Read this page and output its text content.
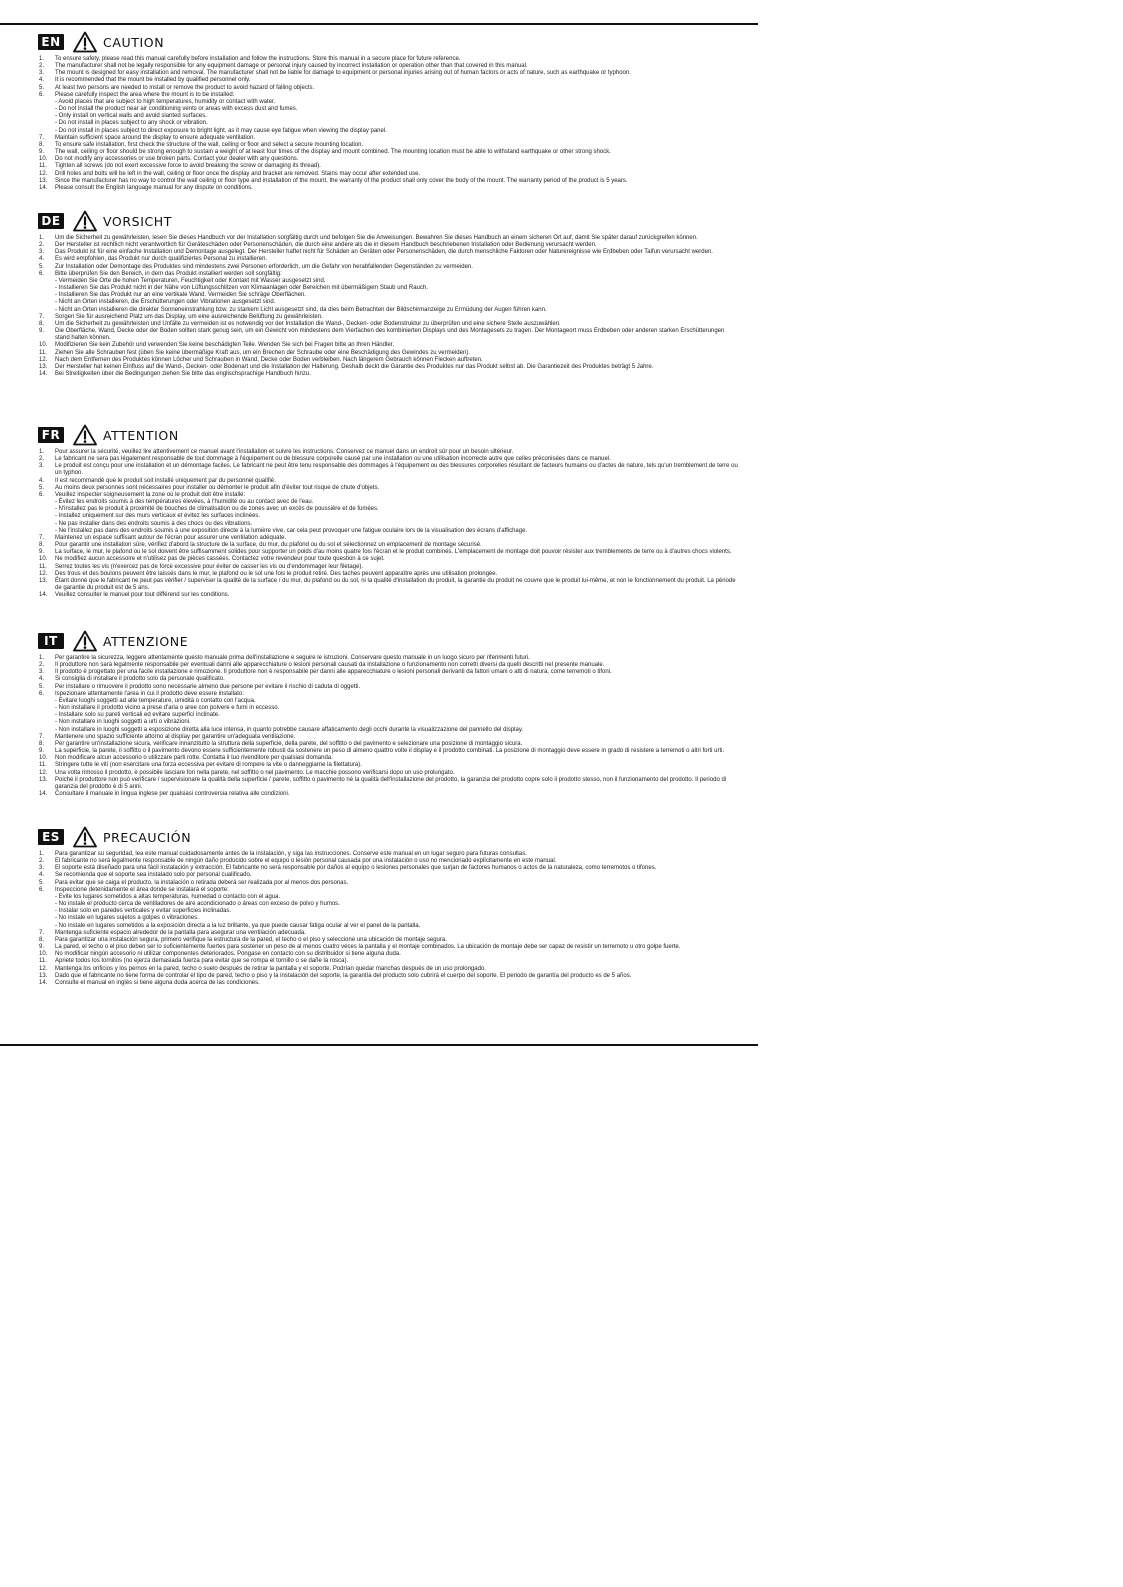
EN	CAUTION
1.	To ensure safety, please read this manual carefully before installation and follow the instructions. Store this manual in a secure place for future reference.
2.	The manufacturer shall not be legally responsible for any equipment damage or personal injury caused by incorrect installation or operation other than that covered in this manual.
3.	The mount is designed for easy installation and removal. The manufacturer shall not be liable for damage to equipment or personal injuries arising out of human factors or acts of nature, such as earthquake or typhoon.
4.	It is recommended that the mount be installed by qualified personnel only.
5.	At least two persons are needed to install or remove the product to avoid hazard of falling objects.
6.	Please carefully inspect the area where the mount is to be installed:
- Avoid places that are subject to high temperatures, humidity or contact with water.
- Do not install the product near air conditioning vents or areas with excess dust and fumes.
- Only install on vertical walls and avoid slanted surfaces.
- Do not install in places subject to any shock or vibration.
- Do not install in places subject to direct exposure to bright light, as it may cause eye fatigue when viewing the display panel.
7.	Maintain sufficient space around the display to ensure adequate ventilation.
8.	To ensure safe installation, first check the structure of the wall, ceiling or floor and select a secure mounting location.
9.	The wall, ceiling or floor should be strong enough to sustain a weight of at least four times of the display and mount combined. The mounting location must be able to withstand earthquake or other strong shock.
10.	Do not modify any accessories or use broken parts. Contact your dealer with any questions.
11.	Tighten all screws (do not exert excessive force to avoid breaking the screw or damaging its thread).
12.	Drill holes and bolts will be left in the wall, ceiling or floor once the display and bracket are removed. Stains may occur after extended use.
13.	Since the manufacturer has no way to control the wall ceiling or floor type and installation of the mount, the warranty of the product shall only cover the body of the mount. The warranty period of the product is 5 years.
14.	Please consult the English language manual for any dispute on conditions.
DE	VORSICHT
1.	Um die Sicherheit zu gewährleisten, lesen Sie dieses Handbuch vor der Installation sorgfältig durch und befolgen Sie die Anweisungen. Bewahren Sie dieses Handbuch an einem sicheren Ort auf, damit Sie später darauf zurückgreifen können.
2.	Der Hersteller ist rechtlich nicht verantwortlich für Geräteschäden oder Personenschäden, die durch eine andere als die in diesem Handbuch beschriebenen Installation oder Bedienung verursacht werden.
3.	Das Produkt ist für eine einfache Installation und Demontage ausgelegt. Der Hersteller haftet nicht für Schäden an Geräten oder Personenschäden, die durch menschliche Faktoren oder Naturereignisse wie Erdbeben oder Taifun verursacht werden.
4.	Es wird empfohlen, das Produkt nur durch qualifiziertes Personal zu installieren.
5.	Zur Installation oder Demontage des Produktes sind mindestens zwei Personen erforderlich, um die Gefahr von herabfallenden Gegenständen zu vermeiden.
6.	Bitte überprüfen Sie den Bereich, in dem das Produkt installiert werden soll sorgfältig:
- Vermeiden Sie Orte die hohen Temperaturen, Feuchtigkeit oder Kontakt mit Wasser ausgesetzt sind.
- Installieren Sie das Produkt nicht in der Nähe von Lüftungsschlitzen von Klimaanlagen oder Bereichen mit übermäßigem Staub und Rauch.
- Installieren Sie das Produkt nur an eine vertikale Wand. Vermeiden Sie schräge Oberflächen.
- Nicht an Orten installieren, die Erschütterungen oder Vibrationen ausgesetzt sind.
- Nicht an Orten installieren die direkter Sonneneinstrahlung bzw. zu starkem Licht ausgesetzt sind, da dies beim Betrachten der Bildschirmanzeige zu Ermüdung der Augen führen kann.
7.	Sorgen Sie für ausreichend Platz um das Display, um eine ausreichende Belüftung zu gewährleisten.
8.	Um die Sicherheit zu gewährleisten und Unfälle zu vermeiden ist es notwendig vor der Installation die Wand-, Decken- oder Bodenstruktur zu überprüfen und eine sichere Stelle auszuwählen.
9.	Die Oberfläche, Wand, Decke oder der Boden sollten stark genug sein, um ein Gewicht von mindestens dem Vierfachen des kombinierten Displays und des Montagesets zu tragen. Der Montageort muss Erdbeben oder anderen starken Erschütterungen stand halten können.
10.	Modifizieren Sie kein Zubehör und verwenden Sie keine beschädigten Teile. Wenden Sie sich bei Fragen bitte an Ihren Händler.
11.	Ziehen Sie alle Schrauben fest (üben Sie keine übermäßige Kraft aus, um ein Brechen der Schraube oder eine Beschädigung des Gewindes zu vermeiden).
12.	Nach dem Entfernen des Produktes können Löcher und Schrauben in Wand, Decke oder Boden verbleiben. Nach längerem Gebrauch können Flecken auftreten.
13.	Der Hersteller hat keinen Einfluss auf die Wand-, Decken- oder Bodenart und die Installation der Halterung. Deshalb deckt die Garantie des Produktes nur das Produkt selbst ab. Die Garantiezeit des Produktes beträgt 5 Jahre.
14.	Bei Streitigkeiten über die Bedingungen ziehen Sie bitte das englischsprachige Handbuch hinzu.
FR	ATTENTION
1.	Pour assurer la sécurité, veuillez lire attentivement ce manuel avant l'installation et suivre les instructions. Conservez ce manuel dans un endroit sûr pour un besoin ultérieur.
2.	Le fabricant ne sera pas légalement responsable de tout dommage à l'équipement ou de blessure corporelle causé par une installation ou une utilisation incorrecte autre que celles préconisées dans ce manuel.
3.	Le produit est conçu pour une installation et un démontage faciles. Le fabricant ne peut être tenu responsable des dommages à l'équipement ou des blessures corporelles résultant de facteurs humains ou d'actes de nature, tels qu'un tremblement de terre ou un typhon.
4.	Il est recommandé que le produit soit installé uniquement par du personnel qualifié.
5.	Au moins deux personnes sont nécessaires pour installer ou démonter le produit afin d'éviter tout risque de chute d'objets.
6.	Veuillez inspecter soigneusement la zone où le produit doit être installé:
- Évitez les endroits soumis à des températures élevées, à l'humidité ou au contact avec de l'eau.
- N'installez pas le produit à proximité de bouches de climatisation ou de zones avec un excès de poussière et de fumées.
- Installez uniquement sur des murs verticaux et évitez les surfaces inclinées.
- Ne pas installer dans des endroits soumis à des chocs ou des vibrations.
- Ne l'installez pas dans des endroits soumis à une exposition directe à la lumière vive, car cela peut provoquer une fatigue oculaire lors de la visualisation des écrans d'affichage.
7.	Maintenez un espace suffisant autour de l'écran pour assurer une ventilation adéquate.
8.	Pour garantir une installation sûre, vérifiez d'abord la structure de la surface, du mur, du plafond ou du sol et sélectionnez un emplacement de montage sécurisé.
9.	La surface, le mur, le plafond ou le sol doivent être suffisamment solides pour supporter un poids d'au moins quatre fois l'écran et le produit combinés. L'emplacement de montage doit pouvoir résister aux tremblements de terre ou à d'autres chocs violents.
10.	Ne modifiez aucun accessoire et n'utilisez pas de pièces cassées. Contactez votre revendeur pour toute question à ce sujet.
11.	Serrez toutes les vis (n'exercez pas de force excessive pour éviter de casser les vis ou d'endommager leur filetage).
12.	Des trous et des boulons peuvent être laissés dans le mur, le plafond ou le sol une fois le produit retiré. Des taches peuvent apparaître après une utilisation prolongée.
13.	Étant donné que le fabricant ne peut pas vérifier / superviser la qualité de la surface / du mur, du plafond ou du sol, ni la qualité d'installation du produit, la garantie du produit ne couvre que le produit lui-même, et non le fonctionnement du produit. La période de garantie du produit est de 5 ans.
14.	Veuillez consulter le manuel pour tout différend sur les conditions.
IT	ATTENZIONE
1.	Per garantire la sicurezza, leggere attentamente questo manuale prima dell'installazione e seguire le istruzioni. Conservare questo manuale in un luogo sicuro per riferimenti futuri.
2.	Il produttore non sarà legalmente responsabile per eventuali danni alle apparecchiature o lesioni personali causati da installazione o funzionamento non corretti diversi da quelli descritti nel presente manuale.
3.	Il prodotto è progettato per una facile installazione e rimozione. Il produttore non è responsabile per danni alle apparecchiature o lesioni personali derivanti da fattori umani o atti di natura, come terremoti o tifoni.
4.	Si consiglia di installare il prodotto solo da personale qualificato.
5.	Per installare o rimuovere il prodotto sono necessarie almeno due persone per evitare il rischio di caduta di oggetti.
6.	Ispezionare attentamente l'area in cui il prodotto deve essere installato:
- Evitare luoghi soggetti ad alte temperature, umidità o contatto con l'acqua.
- Non installare il prodotto vicino a prese d'aria o aree con polvere e fumi in eccesso.
- Installare solo su pareti verticali ed evitare superfici inclinate.
- Non installare in luoghi soggetti a urti o vibrazioni.
- Non installare in luoghi soggetti a esposizione diretta alla luce intensa, in quanto potrebbe causare affaticamento degli occhi durante la visualizzazione del pannello del display.
7.	Mantenere uno spazio sufficiente attorno al display per garantire un'adeguata ventilazione.
8.	Per garantire un'installazione sicura, verificare innanzitutto la struttura della superficie, della parete, del soffitto o del pavimento e selezionare una posizione di montaggio sicura.
9.	La superficie, la parete, il soffitto o il pavimento devono essere sufficientemente robusti da sostenere un peso di almeno quattro volte il display e il prodotto combinati. La posizione di montaggio deve essere in grado di resistere a terremoti o altri forti urti.
10.	Non modificare alcun accessorio o utilizzare parti rotte. Contatta il tuo rivenditore per qualsiasi domanda.
11.	Stringere tutte le viti (non esercitare una forza eccessiva per evitare di rompere la vite o danneggiarne la filettatura).
12.	Una volta rimosso il prodotto, è possibile lasciare fori nella parete, nel soffitto o nel pavimento. Le macchie possono verificarsi dopo un uso prolungato.
13.	Poiché il produttore non può verificare / supervisionare la qualità della superficie / parete, soffitto o pavimento né la qualità dell'installazione del prodotto, la garanzia del prodotto copre solo il prodotto stesso, non il funzionamento del prodotto. Il periodo di garanzia del prodotto è di 5 anni.
14.	Consultare il manuale in lingua inglese per qualsiasi controversia relativa alle condizioni.
ES	PRECAUCIÓN
1.	Para garantizar su seguridad, lea este manual cuidadosamente antes de la instalación, y siga las instrucciones. Conserve este manual en un lugar seguro para futuras consultas.
2.	El fabricante no será legalmente responsable de ningún daño producido sobre el equipo o lesión personal causada por una instalación o uso no mencionado explícitamente en este manual.
3.	El soporte está diseñado para una fácil instalación y extracción. El fabricante no será responsable por daños al equipo o lesiones personales que surjan de factores humanos o actos de la naturaleza, como terremotos o tifones.
4.	Se recomienda que el soporte sea instalado solo por personal cualificado.
5.	Para evitar que se caiga el producto, la instalación o retirada deberá ser realizada por al menos dos personas.
6.	Inspeccione detenidamente el área donde se instalará el soporte:
- Evite los lugares sometidos a altas temperaturas, humedad o contacto con el agua.
- No instale el producto cerca de ventiladores de aire acondicionado o áreas con exceso de polvo y humos.
- Instalar solo en paredes verticales y evitar superficies inclinadas.
- No instale en lugares sujetos a golpes o vibraciones.
- No instale en lugares sometidos a la exposición directa a la luz brillante, ya que puede causar fatiga ocular al ver el panel de la pantalla.
7.	Mantenga suficiente espacio alrededor de la pantalla para asegurar una ventilación adecuada.
8.	Para garantizar una instalación segura, primero verifique la estructura de la pared, el techo o el piso y seleccione una ubicación de montaje segura.
9.	La pared, el techo o el piso deben ser lo suficientemente fuertes para sostener un peso de al menos cuatro veces la pantalla y el montaje combinados. La ubicación de montaje debe ser capaz de resistir un terremoto u otro golpe fuerte.
10.	No modificar ningún accesorio ni utilizar componentes deteriorados. Póngase en contacto con su distribuidor si tiene alguna duda.
11.	Apriete todos los tornillos (no ejerza demasiada fuerza para evitar que se rompa el tornillo o se dañe la rosca).
12.	Mantenga los orificios y los pernos en la pared, techo o suelo después de retirar la pantalla y el soporte. Podrían quedar manchas después de un uso prolongado.
13.	Dado que el fabricante no tiene forma de controlar el tipo de pared, techo o piso y la instalación del soporte, la garantía del producto solo cubrirá el cuerpo del soporte. El periodo de garantía del producto es de 5 años.
14.	Consulte el manual en inglés si tiene alguna duda acerca de las condiciones.
